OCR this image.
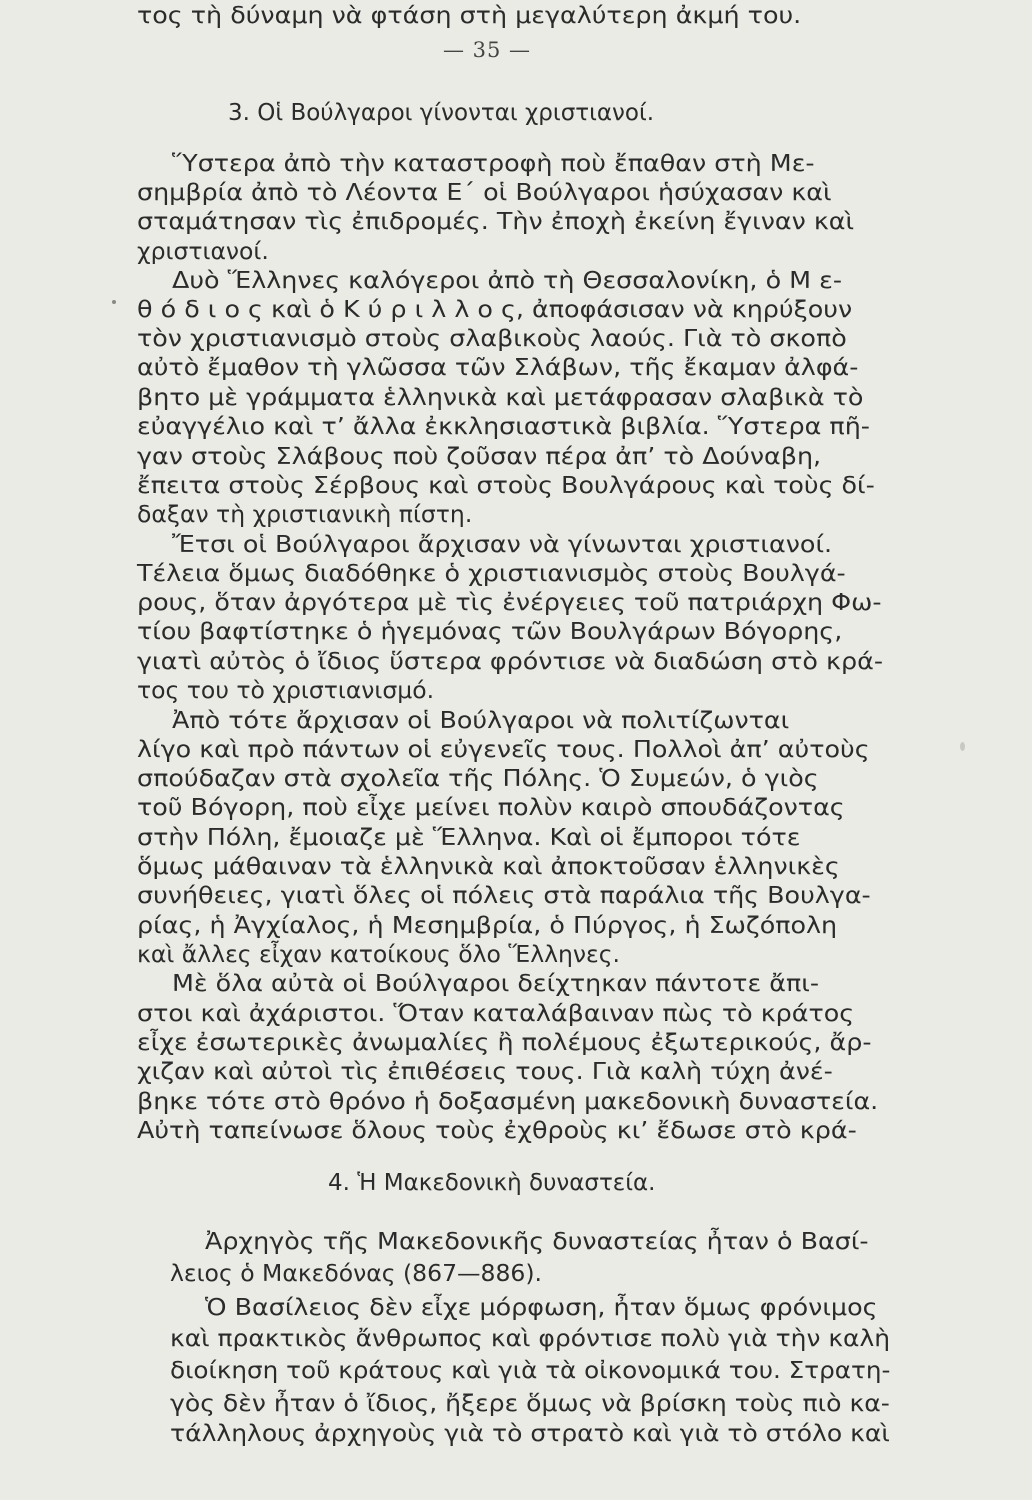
— 35 —
3. Οἱ Βούλγαροι γίνονται χριστιανοί.
Ὕστερα ἀπὸ τὴν καταστροφὴ ποὺ ἔπαθαν στὴ Με-
σημβρία ἀπὸ τὸ Λέοντα Ε΄ οἱ Βούλγαροι ἡσύχασαν καὶ
σταμάτησαν τὶς ἐπιδρομές. Τὴν ἐποχὴ ἐκείνη ἔγιναν καὶ
χριστιανοί.
Δυὸ Ἕλληνες καλόγεροι ἀπὸ τὴ Θεσσαλονίκη, ὁ Μ ε-
θ ό δ ι ο ς καὶ ὁ Κ ύ ρ ι λ λ ο ς, ἀποφάσισαν νὰ κηρύξουν
τὸν χριστιανισμὸ στοὺς σλαβικοὺς λαούς. Γιὰ τὸ σκοπὸ
αὐτὸ ἔμαθον τὴ γλῶσσα τῶν Σλάβων, τῆς ἔκαμαν ἀλφά-
βητο μὲ γράμματα ἑλληνικὰ καὶ μετάφρασαν σλαβικὰ τὸ
εὐαγγέλιο καὶ τ’ ἄλλα ἐκκλησιαστικὰ βιβλία. Ὕστερα πῆ-
γαν στοὺς Σλάβους ποὺ ζοῦσαν πέρα ἀπ’ τὸ Δούναβη,
ἔπειτα στοὺς Σέρβους καὶ στοὺς Βουλγάρους καὶ τοὺς δί-
δαξαν τὴ χριστιανικὴ πίστη.
Ἔτσι οἱ Βούλγαροι ἄρχισαν νὰ γίνωνται χριστιανοί.
Τέλεια ὅμως διαδόθηκε ὁ χριστιανισμὸς στοὺς Βουλγά-
ρους, ὅταν ἀργότερα μὲ τὶς ἐνέργειες τοῦ πατριάρχη Φω-
τίου βαφτίστηκε ὁ ἡγεμόνας τῶν Βουλγάρων Βόγορης,
γιατὶ αὐτὸς ὁ ἴδιος ὕστερα φρόντισε νὰ διαδώση στὸ κρά-
τος του τὸ χριστιανισμό.
Ἀπὸ τότε ἄρχισαν οἱ Βούλγαροι νὰ πολιτίζωνται
λίγο καὶ πρὸ πάντων οἱ εὐγενεῖς τους. Πολλοὶ ἀπ’ αὐτοὺς
σπούδαζαν στὰ σχολεῖα τῆς Πόλης. Ὁ Συμεών, ὁ γιὸς
τοῦ Βόγορη, ποὺ εἶχε μείνει πολὺν καιρὸ σπουδάζοντας
στὴν Πόλη, ἔμοιαζε μὲ Ἕλληνα. Καὶ οἱ ἔμποροι τότε
ὅμως μάθαιναν τὰ ἑλληνικὰ καὶ ἀποκτοῦσαν ἑλληνικὲς
συνήθειες, γιατὶ ὅλες οἱ πόλεις στὰ παράλια τῆς Βουλγα-
ρίας, ἡ Ἀγχίαλος, ἡ Μεσημβρία, ὁ Πύργος, ἡ Σωζόπολη
καὶ ἄλλες εἶχαν κατοίκους ὅλο Ἕλληνες.
Μὲ ὅλα αὐτὰ οἱ Βούλγαροι δείχτηκαν πάντοτε ἄπι-
στοι καὶ ἀχάριστοι. Ὅταν καταλάβαιναν πὼς τὸ κράτος
εἶχε ἐσωτερικὲς ἀνωμαλίες ἢ πολέμους ἐξωτερικούς, ἄρ-
χιζαν καὶ αὐτοὶ τὶς ἐπιθέσεις τους. Γιὰ καλὴ τύχη ἀνέ-
βηκε τότε στὸ θρόνο ἡ δοξασμένη μακεδονικὴ δυναστεία.
Αὐτὴ ταπείνωσε ὅλους τοὺς ἐχθροὺς κι’ ἔδωσε στὸ κρά-
τος τὴ δύναμη νὰ φτάση στὴ μεγαλύτερη ἀκμή του.
4. Ἡ Μακεδονικὴ δυναστεία.
Ἀρχηγὸς τῆς Μακεδονικῆς δυναστείας ἦταν ὁ Βασί-
λειος ὁ Μακεδόνας (867—886).
Ὁ Βασίλειος δὲν εἶχε μόρφωση, ἦταν ὅμως φρόνιμος
καὶ πρακτικὸς ἄνθρωπος καὶ φρόντισε πολὺ γιὰ τὴν καλὴ
διοίκηση τοῦ κράτους καὶ γιὰ τὰ οἰκονομικά του. Στρατη-
γὸς δὲν ἦταν ὁ ἴδιος, ἤξερε ὅμως νὰ βρίσκη τοὺς πιὸ κα-
τάλληλους ἀρχηγοὺς γιὰ τὸ στρατὸ καὶ γιὰ τὸ στόλο καὶ
